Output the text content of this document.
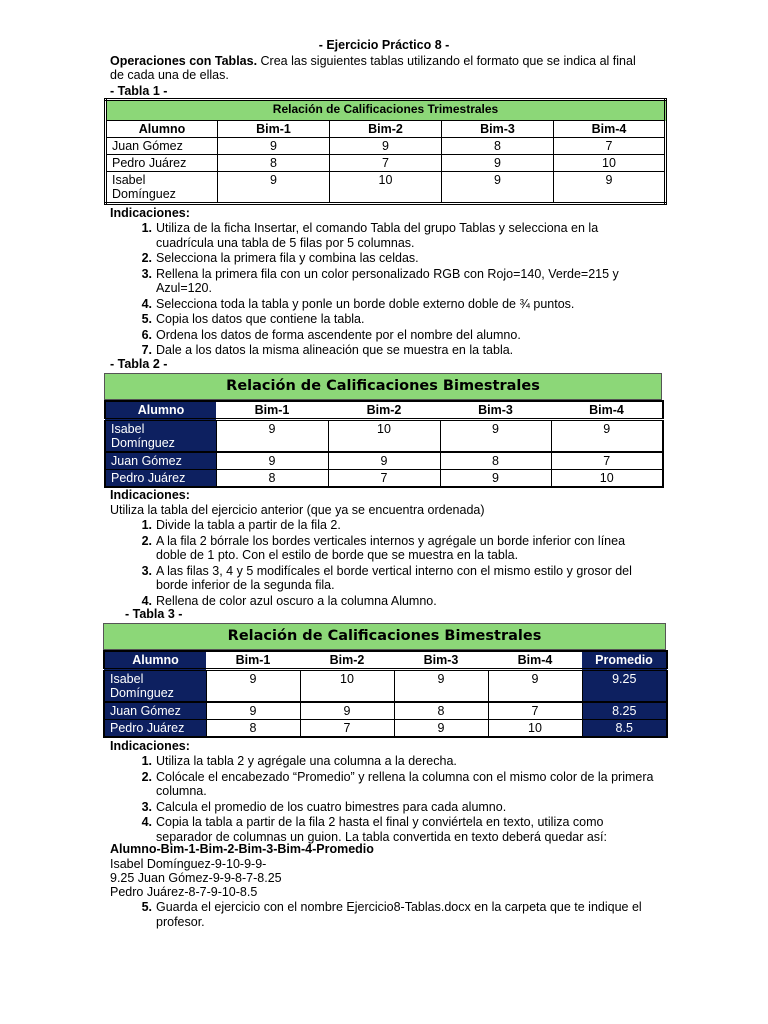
- Ejercicio Práctico 8 -
Operaciones con Tablas. Crea las siguientes tablas utilizando el formato que se indica al final
de cada una de ellas.
- Tabla 1 -
Relación de Calificaciones Trimestrales				
Alumno	Bim-1	Bim-2	Bim-3	Bim-4
Juan Gómez	9	9	8	7
Pedro Juárez	8	7	9	10
Isabel Domínguez	9	10	9	9
Indicaciones:
1. Utiliza de la ficha Insertar, el comando Tabla del grupo Tablas y selecciona en la cuadrícula una tabla de 5 filas por 5 columnas.
2. Selecciona la primera fila y combina las celdas.
3. Rellena la primera fila con un color personalizado RGB con Rojo=140, Verde=215 y Azul=120.
4. Selecciona toda la tabla y ponle un borde doble externo doble de ¾ puntos.
5. Copia los datos que contiene la tabla.
6. Ordena los datos de forma ascendente por el nombre del alumno.
7. Dale a los datos la misma alineación que se muestra en la tabla.
- Tabla 2 -
Relación de Calificaciones Bimestrales
Alumno	Bim-1	Bim-2	Bim-3	Bim-4
Isabel Domínguez	9	10	9	9
Juan Gómez	9	9	8	7
Pedro Juárez	8	7	9	10
Indicaciones:
Utiliza la tabla del ejercicio anterior (que ya se encuentra ordenada)
1. Divide la tabla a partir de la fila 2.
2. A la fila 2 bórrale los bordes verticales internos y agrégale un borde inferior con línea doble de 1 pto. Con el estilo de borde que se muestra en la tabla.
3. A las filas 3, 4 y 5 modifícales el borde vertical interno con el mismo estilo y grosor del borde inferior de la segunda fila.
4. Rellena de color azul oscuro a la columna Alumno.
- Tabla 3 -
Relación de Calificaciones Bimestrales
Alumno	Bim-1	Bim-2	Bim-3	Bim-4	Promedio
Isabel Domínguez	9	10	9	9	9.25
Juan Gómez	9	9	8	7	8.25
Pedro Juárez	8	7	9	10	8.5
Indicaciones:
1. Utiliza la tabla 2 y agrégale una columna a la derecha.
2. Colócale el encabezado “Promedio” y rellena la columna con el mismo color de la primera columna.
3. Calcula el promedio de los cuatro bimestres para cada alumno.
4. Copia la tabla a partir de la fila 2 hasta el final y conviértela en texto, utiliza como separador de columnas un guion. La tabla convertida en texto deberá quedar así:
Alumno-Bim-1-Bim-2-Bim-3-Bim-4-Promedio
Isabel Domínguez-9-10-9-9-
9.25 Juan Gómez-9-9-8-7-8.25
Pedro Juárez-8-7-9-10-8.5
5. Guarda el ejercicio con el nombre Ejercicio8-Tablas.docx en la carpeta que te indique el profesor.
